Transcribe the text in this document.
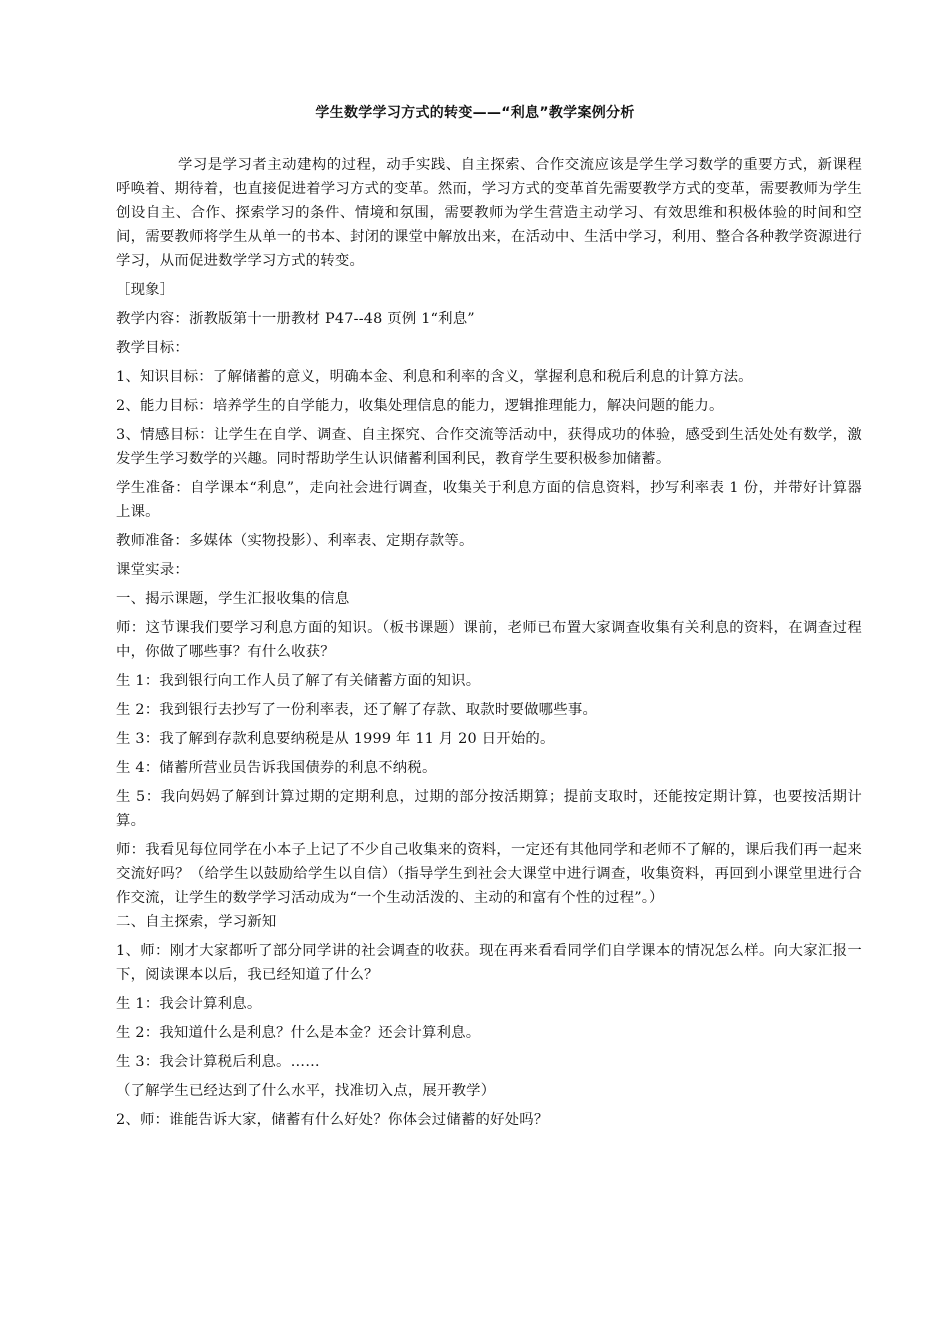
学生数学学习方式的转变——“利息”教学案例分析

学习是学习者主动建构的过程，动手实践、自主探索、合作交流应该是学生学习数学的重要方式，新课程呼唤着、期待着，也直接促进着学习方式的变革。然而，学习方式的变革首先需要教学方式的变革，需要教师为学生创设自主、合作、探索学习的条件、情境和氛围，需要教师为学生营造主动学习、有效思维和积极体验的时间和空间，需要教师将学生从单一的书本、封闭的课堂中解放出来，在活动中、生活中学习，利用、整合各种教学资源进行学习，从而促进数学学习方式的转变。

［现象］

教学内容：浙教版第十一册教材 P47--48 页例 1“利息”

教学目标：

1、知识目标：了解储蓄的意义，明确本金、利息和利率的含义，掌握利息和税后利息的计算方法。

2、能力目标：培养学生的自学能力，收集处理信息的能力，逻辑推理能力，解决问题的能力。

3、情感目标：让学生在自学、调查、自主探究、合作交流等活动中，获得成功的体验，感受到生活处处有数学，激发学生学习数学的兴趣。同时帮助学生认识储蓄利国利民，教育学生要积极参加储蓄。

学生准备：自学课本“利息”，走向社会进行调查，收集关于利息方面的信息资料，抄写利率表 1 份，并带好计算器上课。

教师准备：多媒体（实物投影）、利率表、定期存款等。

课堂实录：

一、揭示课题，学生汇报收集的信息

师：这节课我们要学习利息方面的知识。（板书课题）课前，老师已布置大家调查收集有关利息的资料，在调查过程中，你做了哪些事？有什么收获？

生 1：我到银行向工作人员了解了有关储蓄方面的知识。

生 2：我到银行去抄写了一份利率表，还了解了存款、取款时要做哪些事。

生 3：我了解到存款利息要纳税是从 1999 年 11 月 20 日开始的。

生 4：储蓄所营业员告诉我国债券的利息不纳税。

生 5：我向妈妈了解到计算过期的定期利息，过期的部分按活期算；提前支取时，还能按定期计算，也要按活期计算。

师：我看见每位同学在小本子上记了不少自己收集来的资料，一定还有其他同学和老师不了解的，课后我们再一起来交流好吗？（给学生以鼓励给学生以自信）（指导学生到社会大课堂中进行调查，收集资料，再回到小课堂里进行合作交流，让学生的数学学习活动成为“一个生动活泼的、主动的和富有个性的过程”。）

二、自主探索，学习新知

1、师：刚才大家都听了部分同学讲的社会调查的收获。现在再来看看同学们自学课本的情况怎么样。向大家汇报一下，阅读课本以后，我已经知道了什么？

生 1：我会计算利息。

生 2：我知道什么是利息？什么是本金？还会计算利息。

生 3：我会计算税后利息。……

（了解学生已经达到了什么水平，找准切入点，展开教学）

2、师：谁能告诉大家，储蓄有什么好处？你体会过储蓄的好处吗？
